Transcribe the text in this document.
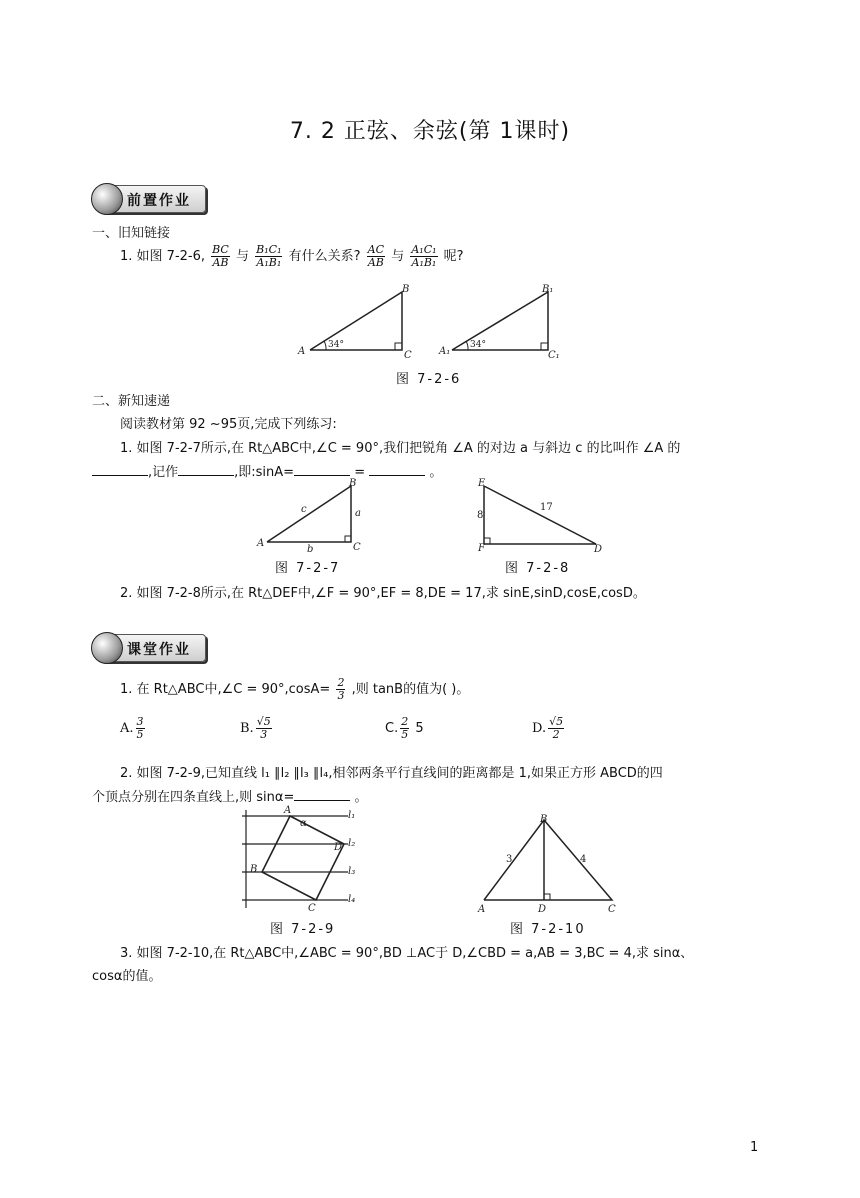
7. 2 正弦、余弦(第 1课时)
前置作业
一、旧知链接
1. 如图 7-2-6, $\frac{BC}{AB}$ 与 $\frac{\text{B₁C₁}}{\text{A₁B₁}}$ 有什么关系? $\frac{AC}{AB}$ 与 $\frac{\text{A₁C₁}}{\text{A₁B₁}}$ 呢?
A
B
C
34°
A₁
B₁
C₁
34°
图 7-2-6
二、新知速递
阅读教材第 92 ~95页,完成下列练习:
1. 如图 7-2-7所示,在 Rt△ABC中,∠C = 90°,我们把锐角 ∠A 的对边 a 与斜边 c 的比叫作 ∠A 的
,记作	,即:sinA=	=	。
A
B
C
a
b
c
E
F	D
8
17
图 7-2-7	图 7-2-8
2. 如图 7-2-8所示,在 Rt△DEF中,∠F = 90°,EF = 8,DE = 17,求 sinE,sinD,cosE,cosD。
课堂作业
1. 在 Rt△ABC中,∠C = $90^\circ,\cos A= \frac{2}{3}$ ,则 tanB的值为( )。
A. $\frac{3}{5}$	B. $\frac{√5}{3}$	C. $\frac{2}{5} 5$	D. $\frac{√5}{2}$
2. 如图 7-2-9,已知直线 l₁ ∥l₂ ∥l₃ ∥l₄,相邻两条平行直线间的距离都是 1,如果正方形 ABCD的四
个顶点分别在四条直线上,则 sinα=	。
A
B
C
D
α
l₁
l₂
l₃
l₄
A
B
C
D
3	4
图 7-2-9	图 7-2-10
3. 如图 7-2-10,在 Rt△ABC中,∠ABC = 90°,BD ⊥AC于 D,∠CBD = a,AB = 3,BC = 4,求 sinα、
cosα的值。
1
